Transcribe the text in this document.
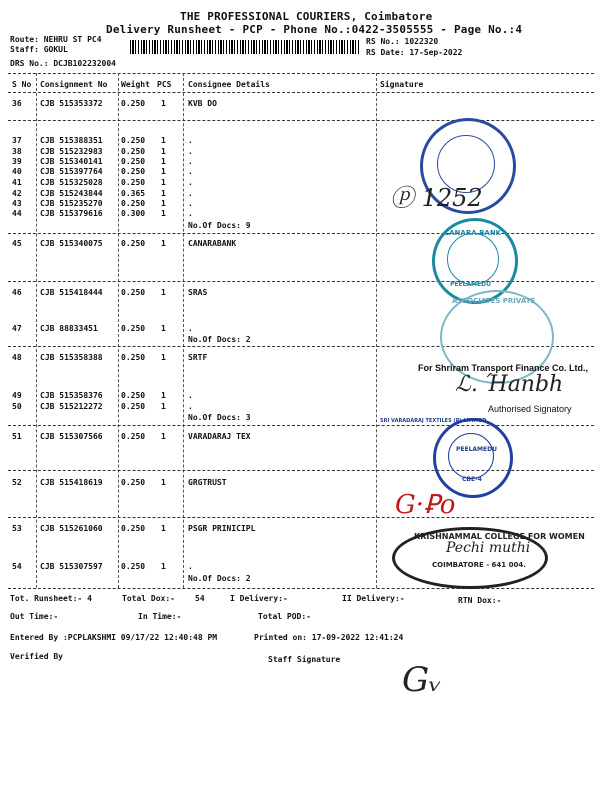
THE PROFESSIONAL COURIERS, Coimbatore
Delivery Runsheet - PCP - Phone No.:0422-3505555 - Page No.:4
Route: NEHRU ST PC4
Staff: GOKUL
DRS No.: DCJB102232004
RS No.: 1022320
RS Date: 17-Sep-2022
S No Consignment No Weight PCS Consignee Details	Signature
36 CJB 515353372 0.250 1	KVB DO
37 CJB 515388351 0.250 1	.
38 CJB 515232983 0.250 1	.
39 CJB 515340141 0.250 1	.
40 CJB 515397764 0.250 1	.
41 CJB 515325028 0.250 1	.
42 CJB 515243844 0.365 1	.
43 CJB 515235270 0.250 1	.
44 CJB 515379616 0.300 1	.
No.Of Docs: 9
45 CJB 515340075 0.250 1	CANARABANK
46 CJB 515418444 0.250 1	SRAS
47 CJB 88833451	0.250 1	.
No.Of Docs: 2
48 CJB 515358388 0.250 1	SRTF
49 CJB 515358376 0.250 1	.
50 CJB 515212272 0.250 1	.
No.Of Docs: 3
51 CJB 515307566 0.250 1	VARADARAJ TEX
52 CJB 515418619 0.250 1	GRGTRUST
53 CJB 515261060 0.250 1	PSGR PRINICIPL
54 CJB 515307597 0.250 1	.
No.Of Docs: 2
ⓟ 1252
CANARA BANK
PEELAMEDU
ASSOCIATES PRIVATE
For Shriram Transport Finance Co. Ltd.,
ℒ. Ήanbh
Authorised Signatory
PEELAMEDU
CBE-4
SRI VARADARAJ TEXTILES (P) LIMITED
G·Ꝑo
KRISHNAMMAL COLLEGE FOR WOMEN
COIMBATORE - 641 004.
Pechi muthi
Tot. Runsheet:- 4	Total Dox:-	54	I Delivery:-	II Delivery:-	RTN Dox:-
Out Time:-	In Time:-	Total POD:-
Entered By :PCPLAKSHMI 09/17/22 12:40:48 PM	Printed on: 17-09-2022 12:41:24
Verified By	Staff Signature
Gᵥ
